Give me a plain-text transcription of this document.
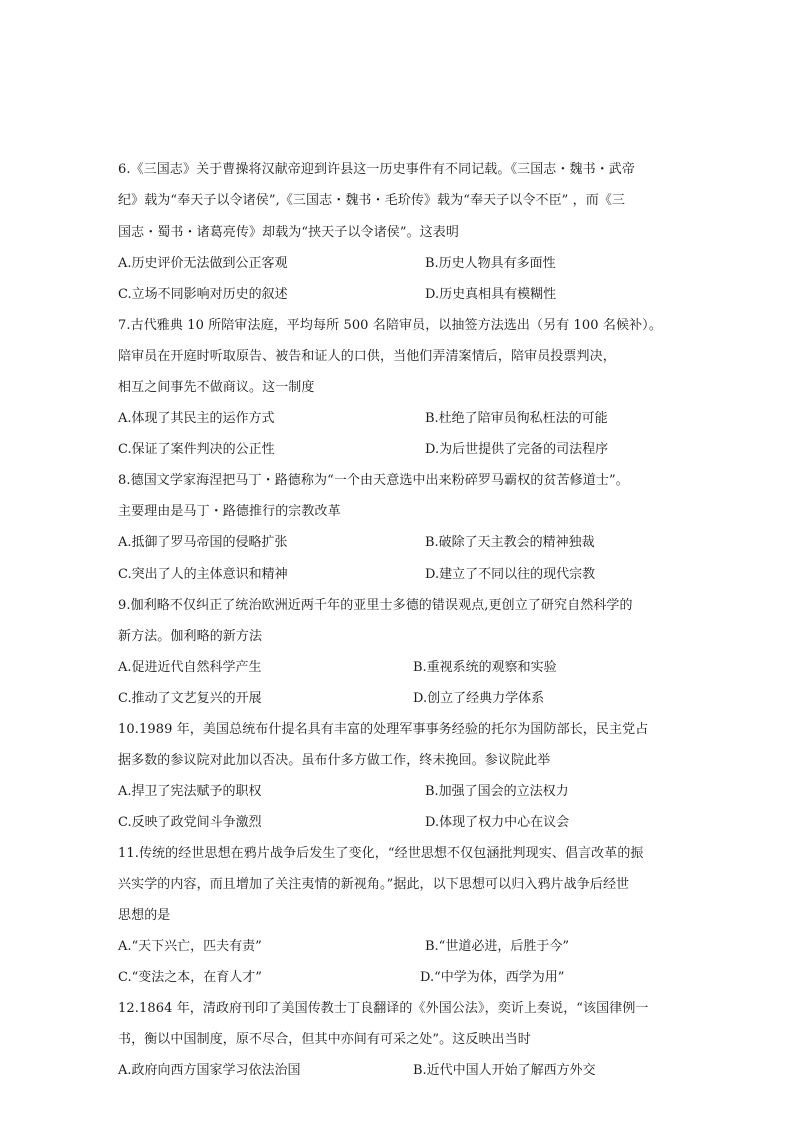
6.《三国志》关于曹操将汉献帝迎到许县这一历史事件有不同记载。《三国志・魏书・武帝
纪》载为“奉天子以令诸侯”,《三国志・魏书・毛玠传》载为“奉天子以令不臣” ，而《三
国志・蜀书・诸葛亮传》却载为“挟天子以令诸侯”。这表明
A.历史评价无法做到公正客观	B.历史人物具有多面性
C.立场不同影响对历史的叙述	D.历史真相具有模糊性
7.古代雅典 10 所陪审法庭，平均每所 500 名陪审员，以抽签方法选出（另有 100 名候补）。
陪审员在开庭时听取原告、被告和证人的口供，当他们弄清案情后，陪审员投票判决，
相互之间事先不做商议。这一制度
A.体现了其民主的运作方式	B.杜绝了陪审员徇私枉法的可能
C.保证了案件判决的公正性	D.为后世提供了完备的司法程序
8.德国文学家海涅把马丁・路德称为“一个由天意选中出来粉碎罗马霸权的贫苦修道士”。
主要理由是马丁・路德推行的宗教改革
A.抵御了罗马帝国的侵略扩张	B.破除了天主教会的精神独裁
C.突出了人的主体意识和精神	D.建立了不同以往的现代宗教
9.伽利略不仅纠正了统治欧洲近两千年的亚里士多德的错误观点,更创立了研究自然科学的
新方法。伽利略的新方法
A.促进近代自然科学产生	B.重视系统的观察和实验
C.推动了文艺复兴的开展	D.创立了经典力学体系
10.1989 年，美国总统布什提名具有丰富的处理军事事务经验的托尔为国防部长，民主党占
据多数的参议院对此加以否决。虽布什多方做工作，终未挽回。参议院此举
A.捍卫了宪法赋予的职权	B.加强了国会的立法权力
C.反映了政党间斗争激烈	D.体现了权力中心在议会
11.传统的经世思想在鸦片战争后发生了变化，“经世思想不仅包涵批判现实、倡言改革的振
兴实学的内容，而且增加了关注夷情的新视角。”据此，以下思想可以归入鸦片战争后经世
思想的是
A.“天下兴亡，匹夫有责”	B.“世道必进，后胜于今”
C.“变法之本，在育人才”	D.“中学为体，西学为用”
12.1864 年，清政府刊印了美国传教士丁良翻译的《外国公法》，奕䜣上奏说，“该国律例一
书，衡以中国制度，原不尽合，但其中亦间有可采之处”。这反映出当时
A.政府向西方国家学习依法治国	B.近代中国人开始了解西方外交
